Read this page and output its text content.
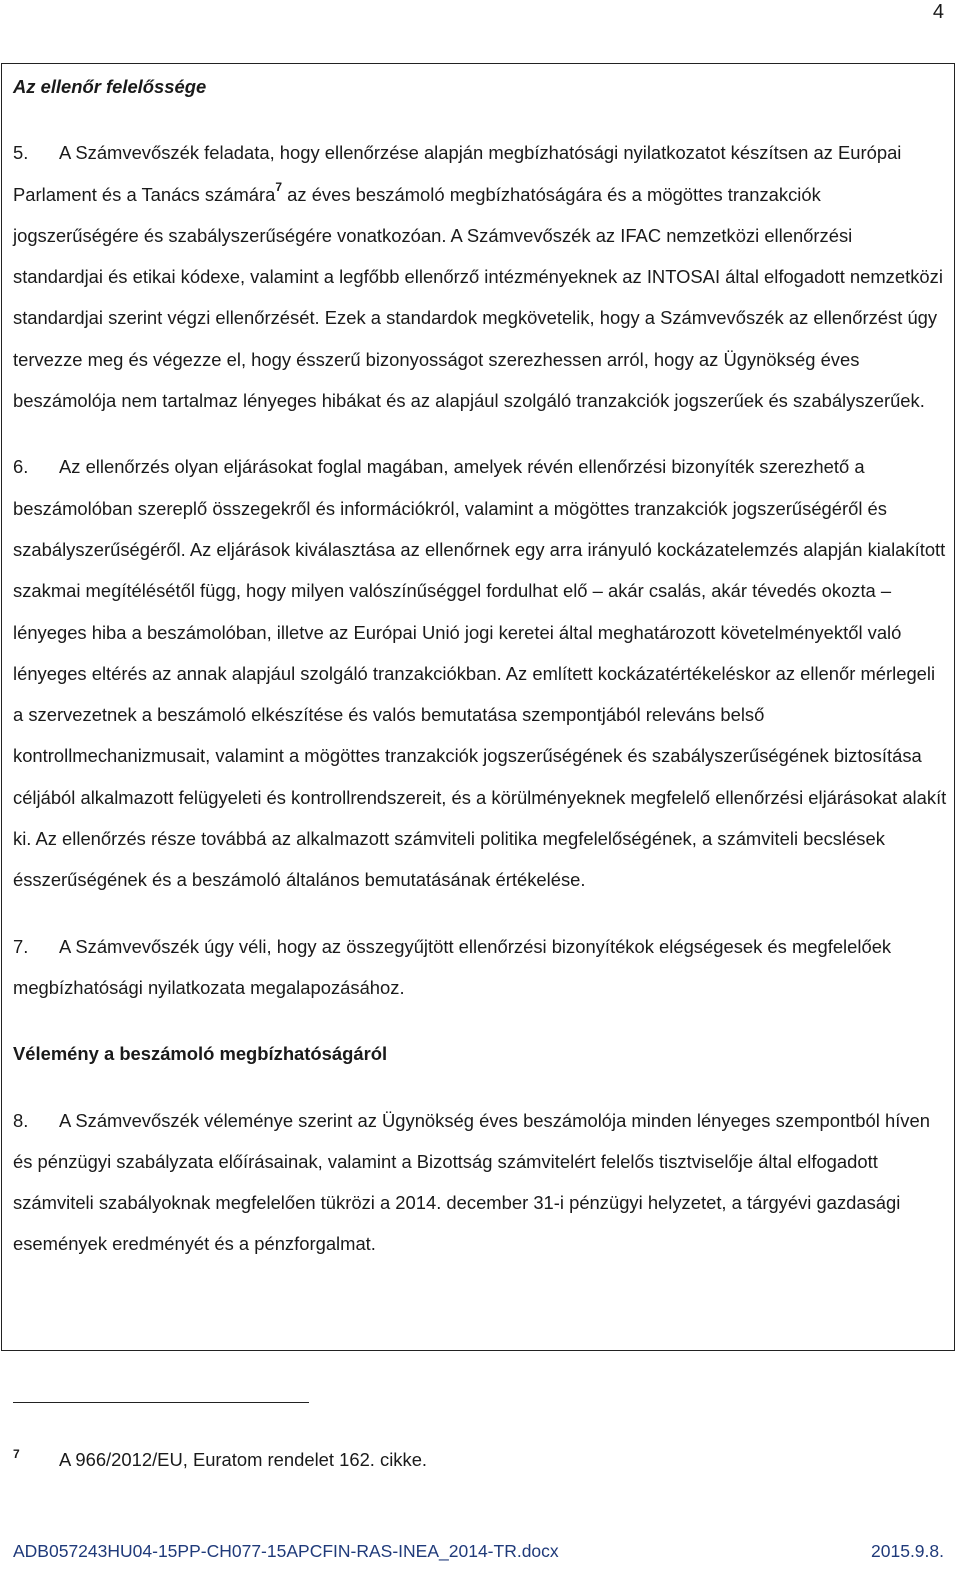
4

Az ellenőr felelőssége

5. A Számvevőszék feladata, hogy ellenőrzése alapján megbízhatósági nyilatkozatot készítsen az Európai Parlament és a Tanács számára$^7$ az éves beszámoló megbízhatóságára és a mögöttes tranzakciók jogszerűségére és szabályszerűségére vonatkozóan. A Számvevőszék az IFAC nemzetközi ellenőrzési standardjai és etikai kódexe, valamint a legfőbb ellenőrző intézményeknek az INTOSAI által elfogadott nemzetközi standardjai szerint végzi ellenőrzését. Ezek a standardok megkövetelik, hogy a Számvevőszék az ellenőrzést úgy tervezze meg és végezze el, hogy ésszerű bizonyosságot szerezhessen arról, hogy az Ügynökség éves beszámolója nem tartalmaz lényeges hibákat és az alapjául szolgáló tranzakciók jogszerűek és szabályszerűek.

6. Az ellenőrzés olyan eljárásokat foglal magában, amelyek révén ellenőrzési bizonyíték szerezhető a beszámolóban szereplő összegekről és információkról, valamint a mögöttes tranzakciók jogszerűségéről és szabályszerűségéről. Az eljárások kiválasztása az ellenőrnek egy arra irányuló kockázatelemzés alapján kialakított szakmai megítélésétől függ, hogy milyen valószínűséggel fordulhat elő – akár csalás, akár tévedés okozta – lényeges hiba a beszámolóban, illetve az Európai Unió jogi keretei által meghatározott követelményektől való lényeges eltérés az annak alapjául szolgáló tranzakciókban. Az említett kockázatértékeléskor az ellenőr mérlegeli a szervezetnek a beszámoló elkészítése és valós bemutatása szempontjából releváns belső kontrollmechanizmusait, valamint a mögöttes tranzakciók jogszerűségének és szabályszerűségének biztosítása céljából alkalmazott felügyeleti és kontrollrendszereit, és a körülményeknek megfelelő ellenőrzési eljárásokat alakít ki. Az ellenőrzés része továbbá az alkalmazott számviteli politika megfelelőségének, a számviteli becslések ésszerűségének és a beszámoló általános bemutatásának értékelése.

7. A Számvevőszék úgy véli, hogy az összegyűjtött ellenőrzési bizonyítékok elégségesek és megfelelőek megbízhatósági nyilatkozata megalapozásához.

Vélemény a beszámoló megbízhatóságáról

8. A Számvevőszék véleménye szerint az Ügynökség éves beszámolója minden lényeges szempontból híven és pénzügyi szabályzata előírásainak, valamint a Bizottság számvitelért felelős tisztviselője által elfogadott számviteli szabályoknak megfelelően tükrözi a 2014. december 31-i pénzügyi helyzetet, a tárgyévi gazdasági események eredményét és a pénzforgalmat.

7 A 966/2012/EU, Euratom rendelet 162. cikke.
ADB057243HU04-15PP-CH077-15APCFIN-RAS-INEA_2014-TR.docx	2015.9.8.
